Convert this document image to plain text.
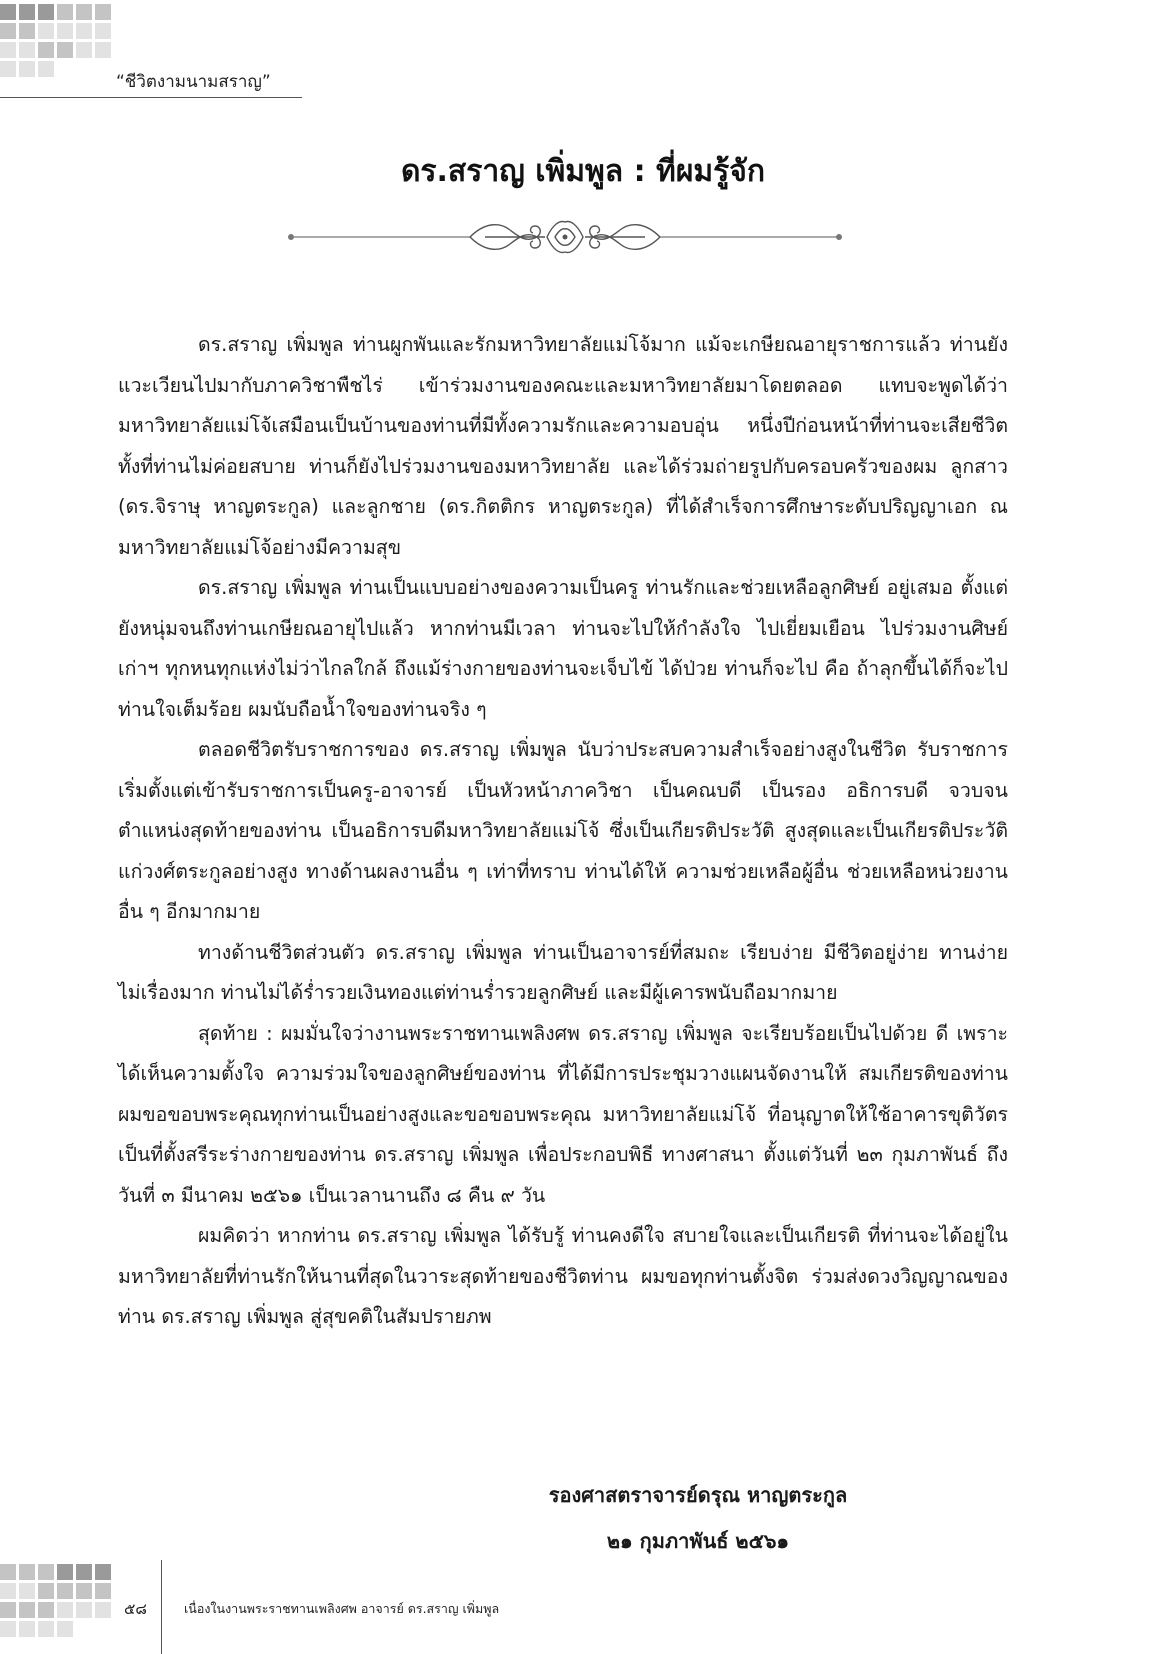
“ชีวิตงามนามสราญ”
ดร.สราญ เพิ่มพูล : ที่ผมรู้จัก

ดร.สราญ เพิ่มพูล ท่านผูกพันและรักมหาวิทยาลัยแม่โจ้มาก แม้จะเกษียณอายุราชการแล้ว ท่านยังแวะเวียนไปมากับภาควิชาพืชไร่ เข้าร่วมงานของคณะและมหาวิทยาลัยมาโดยตลอด แทบจะพูดได้ว่า มหาวิทยาลัยแม่โจ้เสมือนเป็นบ้านของท่านที่มีทั้งความรักและความอบอุ่น หนึ่งปีก่อนหน้าที่ท่านจะเสียชีวิต ทั้งที่ท่านไม่ค่อยสบาย ท่านก็ยังไปร่วมงานของมหาวิทยาลัย และได้ร่วมถ่ายรูปกับครอบครัวของผม ลูกสาว (ดร.จิราษุ หาญตระกูล) และลูกชาย (ดร.กิตติกร หาญตระกูล) ที่ได้สำเร็จการศึกษาระดับปริญญาเอก ณ มหาวิทยาลัยแม่โจ้อย่างมีความสุข

ดร.สราญ เพิ่มพูล ท่านเป็นแบบอย่างของความเป็นครู ท่านรักและช่วยเหลือลูกศิษย์ อยู่เสมอ ตั้งแต่ยังหนุ่มจนถึงท่านเกษียณอายุไปแล้ว หากท่านมีเวลา ท่านจะไปให้กำลังใจ ไปเยี่ยมเยือน ไปร่วมงานศิษย์เก่าฯ ทุกหนทุกแห่งไม่ว่าไกลใกล้ ถึงแม้ร่างกายของท่านจะเจ็บไข้ ได้ป่วย ท่านก็จะไป คือ ถ้าลุกขึ้นได้ก็จะไป ท่านใจเต็มร้อย ผมนับถือน้ำใจของท่านจริง ๆ

ตลอดชีวิตรับราชการของ ดร.สราญ เพิ่มพูล นับว่าประสบความสำเร็จอย่างสูงในชีวิต รับราชการ เริ่มตั้งแต่เข้ารับราชการเป็นครู-อาจารย์ เป็นหัวหน้าภาควิชา เป็นคณบดี เป็นรอง อธิการบดี จวบจนตำแหน่งสุดท้ายของท่าน เป็นอธิการบดีมหาวิทยาลัยแม่โจ้ ซึ่งเป็นเกียรติประวัติ สูงสุดและเป็นเกียรติประวัติแก่วงศ์ตระกูลอย่างสูง ทางด้านผลงานอื่น ๆ เท่าที่ทราบ ท่านได้ให้ ความช่วยเหลือผู้อื่น ช่วยเหลือหน่วยงานอื่น ๆ อีกมากมาย

ทางด้านชีวิตส่วนตัว ดร.สราญ เพิ่มพูล ท่านเป็นอาจารย์ที่สมถะ เรียบง่าย มีชีวิตอยู่ง่าย ทานง่าย ไม่เรื่องมาก ท่านไม่ได้ร่ำรวยเงินทองแต่ท่านร่ำรวยลูกศิษย์ และมีผู้เคารพนับถือมากมาย

สุดท้าย : ผมมั่นใจว่างานพระราชทานเพลิงศพ ดร.สราญ เพิ่มพูล จะเรียบร้อยเป็นไปด้วย ดี เพราะได้เห็นความตั้งใจ ความร่วมใจของลูกศิษย์ของท่าน ที่ได้มีการประชุมวางแผนจัดงานให้ สมเกียรติของท่าน ผมขอขอบพระคุณทุกท่านเป็นอย่างสูงและขอขอบพระคุณ มหาวิทยาลัยแม่โจ้ ที่อนุญาตให้ใช้อาคารขุติวัตรเป็นที่ตั้งสรีระร่างกายของท่าน ดร.สราญ เพิ่มพูล เพื่อประกอบพิธี ทางศาสนา ตั้งแต่วันที่ ๒๓ กุมภาพันธ์ ถึง วันที่ ๓ มีนาคม ๒๕๖๑ เป็นเวลานานถึง ๘ คืน ๙ วัน

ผมคิดว่า หากท่าน ดร.สราญ เพิ่มพูล ได้รับรู้ ท่านคงดีใจ สบายใจและเป็นเกียรติ ที่ท่านจะได้อยู่ในมหาวิทยาลัยที่ท่านรักให้นานที่สุดในวาระสุดท้ายของชีวิตท่าน ผมขอทุกท่านตั้งจิต ร่วมส่งดวงวิญญาณของท่าน ดร.สราญ เพิ่มพูล สู่สุขคติในสัมปรายภพ

รองศาสตราจารย์ดรุณ หาญตระกูล
๒๑ กุมภาพันธ์ ๒๕๖๑
๕๘	เนื่องในงานพระราชทานเพลิงศพ อาจารย์ ดร.สราญ เพิ่มพูล
